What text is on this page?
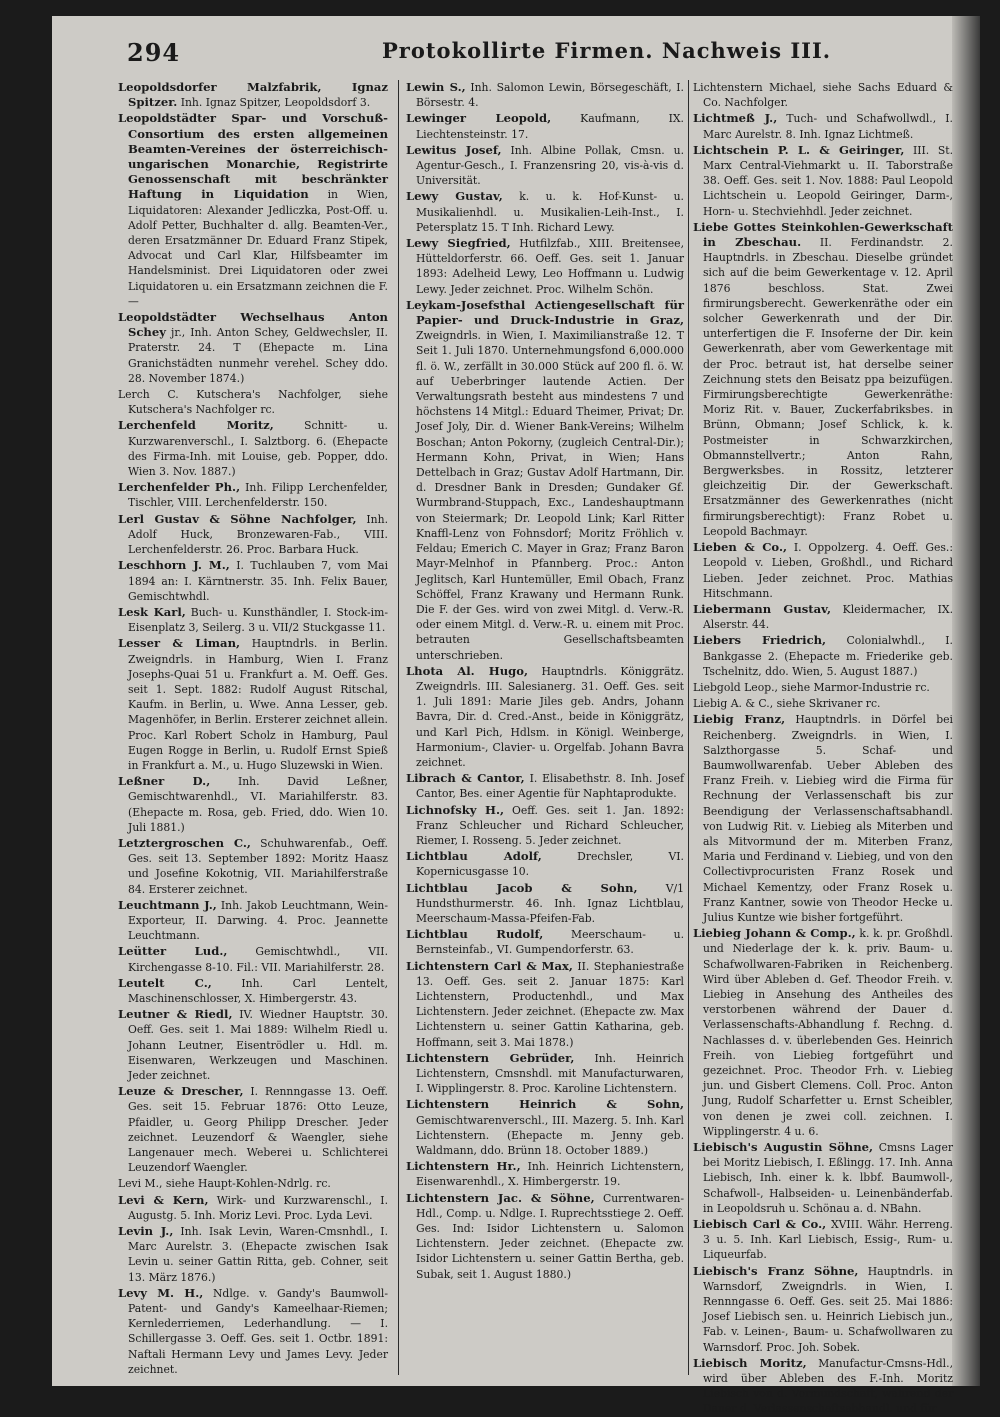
294	Protokollirte Firmen. Nachweis III.

Leopoldsdorfer Malzfabrik, Ignaz Spitzer. Inh. Ignaz Spitzer, Leopoldsdorf 3.

Leopoldstädter Spar- und Vorschuß-Consortium des ersten allgemeinen Beamten-Vereines der österreichisch-ungarischen Monarchie, Registrirte Genossenschaft mit beschränkter Haftung in Liquidation in Wien, Liquidatoren: Alexander Jedliczka, Post-Off. u. Adolf Petter, Buchhalter d. allg. Beamten-Ver., deren Ersatzmänner Dr. Eduard Franz Stipek, Advocat und Carl Klar, Hilfsbeamter im Handelsminist. Drei Liquidatoren oder zwei Liquidatoren u. ein Ersatzmann zeichnen die F. —

Leopoldstädter Wechselhaus Anton Schey jr., Inh. Anton Schey, Geldwechsler, II. Praterstr. 24. T (Ehepacte m. Lina Granichstädten nunmehr verehel. Schey ddo. 28. November 1874.)

Lerch C. Kutschera's Nachfolger, siehe Kutschera's Nachfolger rc.

Lerchenfeld Moritz,	Schnitt- u. Kurzwarenverschl., I. Salztborg. 6. (Ehepacte des Firma-Inh. mit Louise, geb. Popper, ddo. Wien 3. Nov. 1887.)

Lerchenfelder Ph., Inh. Filipp Lerchenfelder, Tischler, VIII. Lerchenfelderstr. 150.

Lerl Gustav & Söhne Nachfolger, Inh. Adolf Huck, Bronzewaren-Fab., VIII. Lerchenfelderstr. 26. Proc. Barbara Huck.

Leschhorn J. M., I. Tuchlauben 7, vom Mai 1894 an: I. Kärntnerstr. 35. Inh. Felix Bauer, Gemischtwhdl.

Lesk Karl, Buch- u. Kunsthändler, I. Stock-im-Eisenplatz 3, Seilerg. 3 u. VII/2 Stuckgasse 11.

Lesser & Liman, Hauptndrls. in Berlin. Zweigndrls. in Hamburg, Wien I. Franz Josephs-Quai 51 u. Frankfurt a. M. Oeff. Ges. seit 1. Sept. 1882: Rudolf August Ritschal, Kaufm. in Berlin, u. Wwe. Anna Lesser, geb. Magenhöfer, in Berlin. Ersterer zeichnet allein. Proc. Karl Robert Scholz in Hamburg, Paul Eugen Rogge in Berlin, u. Rudolf Ernst Spieß in Frankfurt a. M., u. Hugo Sluzewski in Wien.

Leßner D.,	Inh. David Leßner, Gemischtwarenhdl., VI. Mariahilferstr. 83. (Ehepacte m. Rosa, geb. Fried, ddo. Wien 10. Juli 1881.)

Letztergroschen C., Schuhwarenfab., Oeff. Ges. seit 13. September 1892: Moritz Haasz und Josefine Kokotnig, VII. Mariahilferstraße 84. Ersterer zeichnet.

Leuchtmann J., Inh. Jakob Leuchtmann, Wein-Exporteur, II. Darwing. 4. Proc. Jeannette Leuchtmann.

Leütter Lud.,	Gemischtwhdl., VII. Kirchengasse 8-10. Fil.: VII. Mariahilferstr. 28.

Leutelt C.,	Inh. Carl Lentelt, Maschinenschlosser, X. Himbergerstr. 43.

Leutner & Riedl, IV. Wiedner Hauptstr. 30. Oeff. Ges. seit 1. Mai 1889: Wilhelm Riedl u. Johann Leutner, Eisentrödler u. Hdl. m. Eisenwaren, Werkzeugen und Maschinen. Jeder zeichnet.

Leuze & Drescher, I. Rennngasse 13. Oeff. Ges. seit 15. Februar 1876: Otto Leuze, Pfaidler, u. Georg Philipp Drescher. Jeder zeichnet. Leuzendorf & Waengler, siehe Langenauer mech. Weberei u. Schlichterei Leuzendorf Waengler.

Levi M., siehe Haupt-Kohlen-Ndrlg. rc.

Levi & Kern, Wirk- und Kurzwarenschl., I. Augustg. 5. Inh. Moriz Levi. Proc. Lyda Levi.

Levin J., Inh. Isak Levin, Waren-Cmsnhdl., I. Marc Aurelstr. 3. (Ehepacte zwischen Isak Levin u. seiner Gattin Ritta, geb. Cohner, seit 13. März 1876.)

Levy M. H., Ndlge. v. Gandy's Baumwoll-Patent- und Gandy's Kameelhaar-Riemen; Kernlederriemen, Lederhandlung. — I. Schillergasse 3. Oeff. Ges. seit 1. Octbr. 1891: Naftali Hermann Levy und James Levy. Jeder zeichnet.

Lewin S., Inh. Salomon Lewin, Börsegeschäft, I. Börsestr. 4.

Lewinger Leopold,	Kaufmann, IX. Liechtensteinstr. 17.

Lewitus Josef, Inh. Albine Pollak, Cmsn. u. Agentur-Gesch., I. Franzensring 20, vis-à-vis d. Universität.

Lewy Gustav, k. u. k. Hof-Kunst- u. Musikalienhdl. u. Musikalien-Leih-Inst., I. Petersplatz 15. T Inh. Richard Lewy.

Lewy Siegfried, Hutfilzfab., XIII. Breitensee, Hütteldorferstr. 66. Oeff. Ges. seit 1. Januar 1893: Adelheid Lewy, Leo Hoffmann u. Ludwig Lewy. Jeder zeichnet. Proc. Wilhelm Schön.

Leykam-Josefsthal Actiengesellschaft für Papier- und Druck-Industrie in Graz, Zweigndrls. in Wien, I. Maximilianstraße 12. T Seit 1. Juli 1870. Unternehmungsfond 6,000.000 fl. ö. W., zerfällt in 30.000 Stück auf 200 fl. ö. W. auf Ueberbringer lautende Actien. Der Verwaltungsrath besteht aus mindestens 7 und höchstens 14 Mitgl.: Eduard Theimer, Privat; Dr. Josef Joly, Dir. d. Wiener Bank-Vereins; Wilhelm Boschan; Anton Pokorny, (zugleich Central-Dir.); Hermann Kohn, Privat, in Wien; Hans Dettelbach in Graz; Gustav Adolf Hartmann, Dir. d. Dresdner Bank in Dresden; Gundaker Gf. Wurmbrand-Stuppach, Exc., Landeshauptmann von Steiermark; Dr. Leopold Link; Karl Ritter Knaffl-Lenz von Fohnsdorf; Moritz Fröhlich v. Feldau; Emerich C. Mayer in Graz; Franz Baron Mayr-Melnhof in Pfannberg. Proc.: Anton Jeglitsch, Karl Huntemüller, Emil Obach, Franz Schöffel, Franz Krawany und Hermann Runk. Die F. der Ges. wird von zwei Mitgl. d. Verw.-R. oder einem Mitgl. d. Verw.-R. u. einem mit Proc. betrauten Gesellschaftsbeamten unterschrieben.

Lhota Al. Hugo, Hauptndrls. Königgrätz. Zweigndrls. III. Salesianerg. 31. Oeff. Ges. seit 1. Juli 1891: Marie Jiles geb. Andrs, Johann Bavra, Dir. d. Cred.-Anst., beide in Königgrätz, und Karl Pich, Hdlsm. in Königl. Weinberge, Harmonium-, Clavier- u. Orgelfab. Johann Bavra zeichnet.

Librach & Cantor, I. Elisabethstr. 8. Inh. Josef Cantor, Bes. einer Agentie für Naphtaprodukte.

Lichnofsky H., Oeff. Ges. seit 1. Jan. 1892: Franz Schleucher und Richard Schleucher, Riemer, I. Rosseng. 5. Jeder zeichnet.

Lichtblau Adolf,	Drechsler, VI. Kopernicusgasse 10.

Lichtblau Jacob & Sohn,	V/1 Hundsthurmerstr. 46. Inh. Ignaz Lichtblau, Meerschaum-Massa-Pfeifen-Fab.

Lichtblau Rudolf,	Meerschaum- u. Bernsteinfab., VI. Gumpendorferstr. 63.

Lichtenstern Carl & Max, II. Stephaniestraße 13. Oeff. Ges. seit 2. Januar 1875: Karl Lichtenstern, Productenhdl., und Max Lichtenstern. Jeder zeichnet. (Ehepacte zw. Max Lichtenstern u. seiner Gattin Katharina, geb. Hoffmann, seit 3. Mai 1878.)

Lichtenstern Gebrüder, Inh. Heinrich Lichtenstern, Cmsnshdl. mit Manufacturwaren, I. Wipplingerstr. 8. Proc. Karoline Lichtenstern.

Lichtenstern Heinrich & Sohn, Gemischtwarenverschl., III. Mazerg. 5. Inh. Karl Lichtenstern. (Ehepacte m. Jenny geb. Waldmann, ddo. Brünn 18. October 1889.)

Lichtenstern Hr., Inh. Heinrich Lichtenstern, Eisenwarenhdl., X. Himbergerstr. 19.

Lichtenstern Jac. & Söhne, Currentwaren-Hdl., Comp. u. Ndlge. I. Ruprechtsstiege 2. Oeff. Ges. Ind: Isidor Lichtenstern u. Salomon Lichtenstern. Jeder zeichnet. (Ehepacte zw. Isidor Lichtenstern u. seiner Gattin Bertha, geb. Subak, seit 1. August 1880.)

Lichtenstern Michael, siehe Sachs Eduard & Co. Nachfolger.

Lichtmeß J., Tuch- und Schafwollwdl., I. Marc Aurelstr. 8. Inh. Ignaz Lichtmeß.

Lichtschein P. L. & Geiringer, III. St. Marx Central-Viehmarkt u. II. Taborstraße 38. Oeff. Ges. seit 1. Nov. 1888: Paul Leopold Lichtschein u. Leopold Geiringer, Darm-, Horn- u. Stechviehhdl. Jeder zeichnet.

Liebe Gottes Steinkohlen-Gewerkschaft in Zbeschau. II. Ferdinandstr. 2. Hauptndrls. in Zbeschau. Dieselbe gründet sich auf die beim Gewerkentage v. 12. April 1876 beschloss. Stat. Zwei firmirungsberecht. Gewerkenräthe oder ein solcher Gewerkenrath und der Dir. unterfertigen die F. Insoferne der Dir. kein Gewerkenrath, aber vom Gewerkentage mit der Proc. betraut ist, hat derselbe seiner Zeichnung stets den Beisatz ppa beizufügen. Firmirungsberechtigte Gewerkenräthe: Moriz Rit. v. Bauer, Zuckerfabriksbes. in Brünn, Obmann; Josef Schlick, k. k. Postmeister in Schwarzkirchen, Obmannstellvertr.; Anton Rahn, Bergwerksbes. in Rossitz, letzterer gleichzeitig Dir. der Gewerkschaft. Ersatzmänner des Gewerkenrathes (nicht firmirungsberechtigt): Franz Robet u. Leopold Bachmayr.

Lieben & Co., I. Oppolzerg. 4. Oeff. Ges.: Leopold v. Lieben, Großhdl., und Richard Lieben. Jeder zeichnet. Proc. Mathias Hitschmann.

Liebermann Gustav, Kleidermacher, IX. Alserstr. 44.

Liebers Friedrich, Colonialwhdl., I. Bankgasse 2. (Ehepacte m. Friederike geb. Tschelnitz, ddo. Wien, 5. August 1887.)

Liebgold Leop., siehe Marmor-Industrie rc.

Liebig A. & C., siehe Skrivaner rc.

Liebig Franz, Hauptndrls. in Dörfel bei Reichenberg. Zweigndrls. in Wien, I. Salzthorgasse 5. Schaf- und Baumwollwarenfab. Ueber Ableben des Franz Freih. v. Liebieg wird die Firma für Rechnung der Verlassenschaft bis zur Beendigung der Verlassenschaftsabhandl. von Ludwig Rit. v. Liebieg als Miterben und als Mitvormund der m. Miterben Franz, Maria und Ferdinand v. Liebieg, und von den Collectivprocuristen Franz Rosek und Michael Kementzy, oder Franz Rosek u. Franz Kantner, sowie von Theodor Hecke u. Julius Kuntze wie bisher fortgeführt.

Liebieg Johann & Comp., k. k. pr. Großhdl. und Niederlage der k. k. priv. Baum- u. Schafwollwaren-Fabriken in Reichenberg. Wird über Ableben d. Gef. Theodor Freih. v. Liebieg in Ansehung des Antheiles des verstorbenen während der Dauer d. Verlassenschafts-Abhandlung f. Rechng. d. Nachlasses d. v. überlebenden Ges. Heinrich Freih. von Liebieg fortgeführt und gezeichnet. Proc. Theodor Frh. v. Liebieg jun. und Gisbert Clemens. Coll. Proc. Anton Jung, Rudolf Scharfetter u. Ernst Scheibler, von denen je zwei coll. zeichnen. I. Wipplingerstr. 4 u. 6.

Liebisch's Augustin Söhne, Cmsns Lager bei Moritz Liebisch, I. Eßlingg. 17. Inh. Anna Liebisch, Inh. einer k. k. lbbf. Baumwoll-, Schafwoll-, Halbseiden- u. Leinenbänderfab. in Leopoldsruh u. Schönau a. d. NBahn.

Liebisch Carl & Co., XVIII. Währ. Herreng. 3 u. 5. Inh. Karl Liebisch, Essig-, Rum- u. Liqueurfab.

Liebisch's Franz Söhne, Hauptndrls. in Warnsdorf, Zweigndrls. in Wien, I. Rennngasse 6. Oeff. Ges. seit 25. Mai 1886: Josef Liebisch sen. u. Heinrich Liebisch jun., Fab. v. Leinen-, Baum- u. Schafwollwaren zu Warnsdorf. Proc. Joh. Sobek.

Liebisch Moritz, Manufactur-Cmsns-Hdl., wird über Ableben des F.-Inh. Moritz Liebisch von d. Vormundschaft, während der Dauer d. Verlassenschaftsabhandl. und für
